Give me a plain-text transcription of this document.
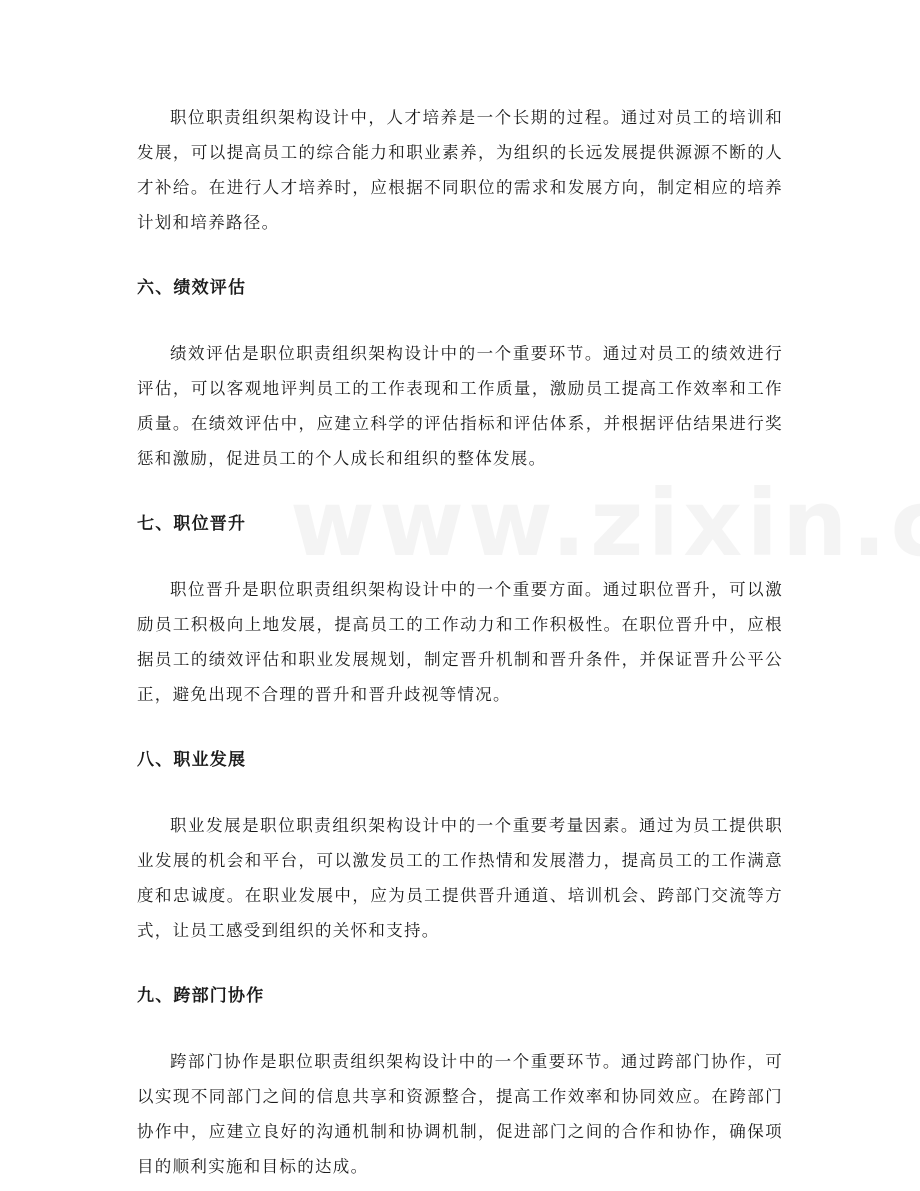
职位职责组织架构设计中，人才培养是一个长期的过程。通过对员工的培训和发展，可以提高员工的综合能力和职业素养，为组织的长远发展提供源源不断的人才补给。在进行人才培养时，应根据不同职位的需求和发展方向，制定相应的培养计划和培养路径。

六、绩效评估

绩效评估是职位职责组织架构设计中的一个重要环节。通过对员工的绩效进行评估，可以客观地评判员工的工作表现和工作质量，激励员工提高工作效率和工作质量。在绩效评估中，应建立科学的评估指标和评估体系，并根据评估结果进行奖惩和激励，促进员工的个人成长和组织的整体发展。

七、职位晋升

职位晋升是职位职责组织架构设计中的一个重要方面。通过职位晋升，可以激励员工积极向上地发展，提高员工的工作动力和工作积极性。在职位晋升中，应根据员工的绩效评估和职业发展规划，制定晋升机制和晋升条件，并保证晋升公平公正，避免出现不合理的晋升和晋升歧视等情况。

八、职业发展

职业发展是职位职责组织架构设计中的一个重要考量因素。通过为员工提供职业发展的机会和平台，可以激发员工的工作热情和发展潜力，提高员工的工作满意度和忠诚度。在职业发展中，应为员工提供晋升通道、培训机会、跨部门交流等方式，让员工感受到组织的关怀和支持。

九、跨部门协作

跨部门协作是职位职责组织架构设计中的一个重要环节。通过跨部门协作，可以实现不同部门之间的信息共享和资源整合，提高工作效率和协同效应。在跨部门协作中，应建立良好的沟通机制和协调机制，促进部门之间的合作和协作，确保项目的顺利实施和目标的达成。
